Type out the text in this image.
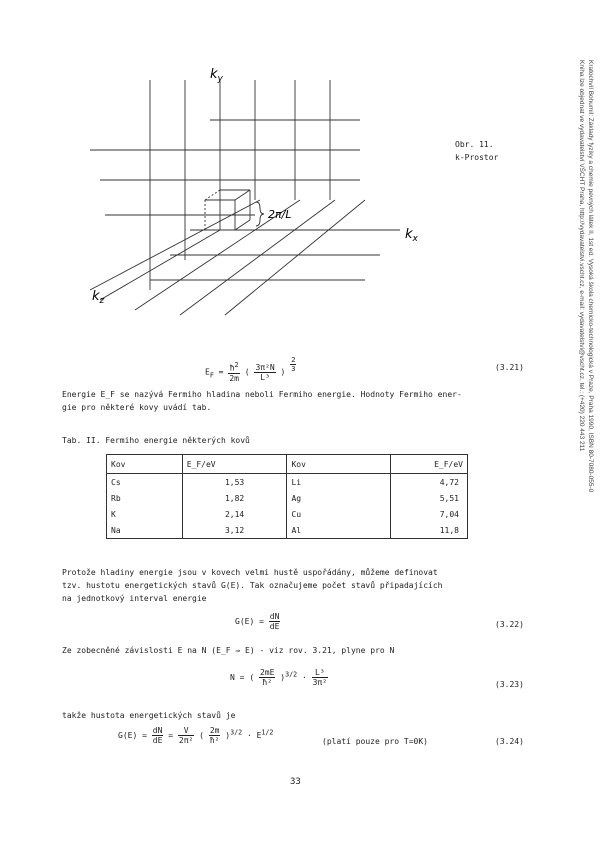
Kratochvíl Bohumil: Základy fyziky a chemie pevných látek II, 1st ed. Vysoká škola chemicko-technologická v Praze, Praha 1990, ISBN 80-7080-055-0
Kniha lze objednat ve vydavatelství VŠCHT Praha, http://vydavatelstvi.vscht.cz, e-mail: vydavatelstvi@vscht.cz, tel.: (+420) 220 443 211
$k_y$
$k_x$
$k_z$
2π/L
Obr. 11.
k-Prostor
$E_F = \frac{ħ^2}{2m}$ ( $\frac{\text{3π²N}}{\text{L³}}$ ) $\frac{2}{3}$	(3.21)
Energie E_F se nazývá Fermiho hladina neboli Fermiho energie. Hodnoty Fermiho ener-
gie pro některé kovy uvádí tab.
Tab. II. Fermiho energie některých kovů
Kov	E_F/eV	Kov	E_F/eV
Cs	1,53	Li	4,72
Rb	1,82	Ag	5,51
K	2,14	Cu	7,04
Na	3,12	Al	11,8
Protože hladiny energie jsou v kovech velmi hustě uspořádány, můžeme definovat
tzv. hustotu energetických stavů G(E). Tak označujeme počet stavů připadajících
na jednotkový interval energie
$G(E) = \frac{dN}{dE}$	(3.22)
Ze zobecněné závislosti E na N (E_F ⇒ E) - viz rov. 3.21, plyne pro N
N = ( $\frac{2mE}{\text{ħ²}} )^{3/2} \cdot \frac{\text{L³}}{\text{3π²}}$	(3.23)
takže hustota energetických stavů je
$G(E) = \frac{dN}{dE} = \frac{V}{\text{2π²}}$ ( $\frac{2m}{\text{ħ²}} )^{3/2} \cdot E^{1/2}$
(platí pouze pro T=0K)	(3.24)
33
